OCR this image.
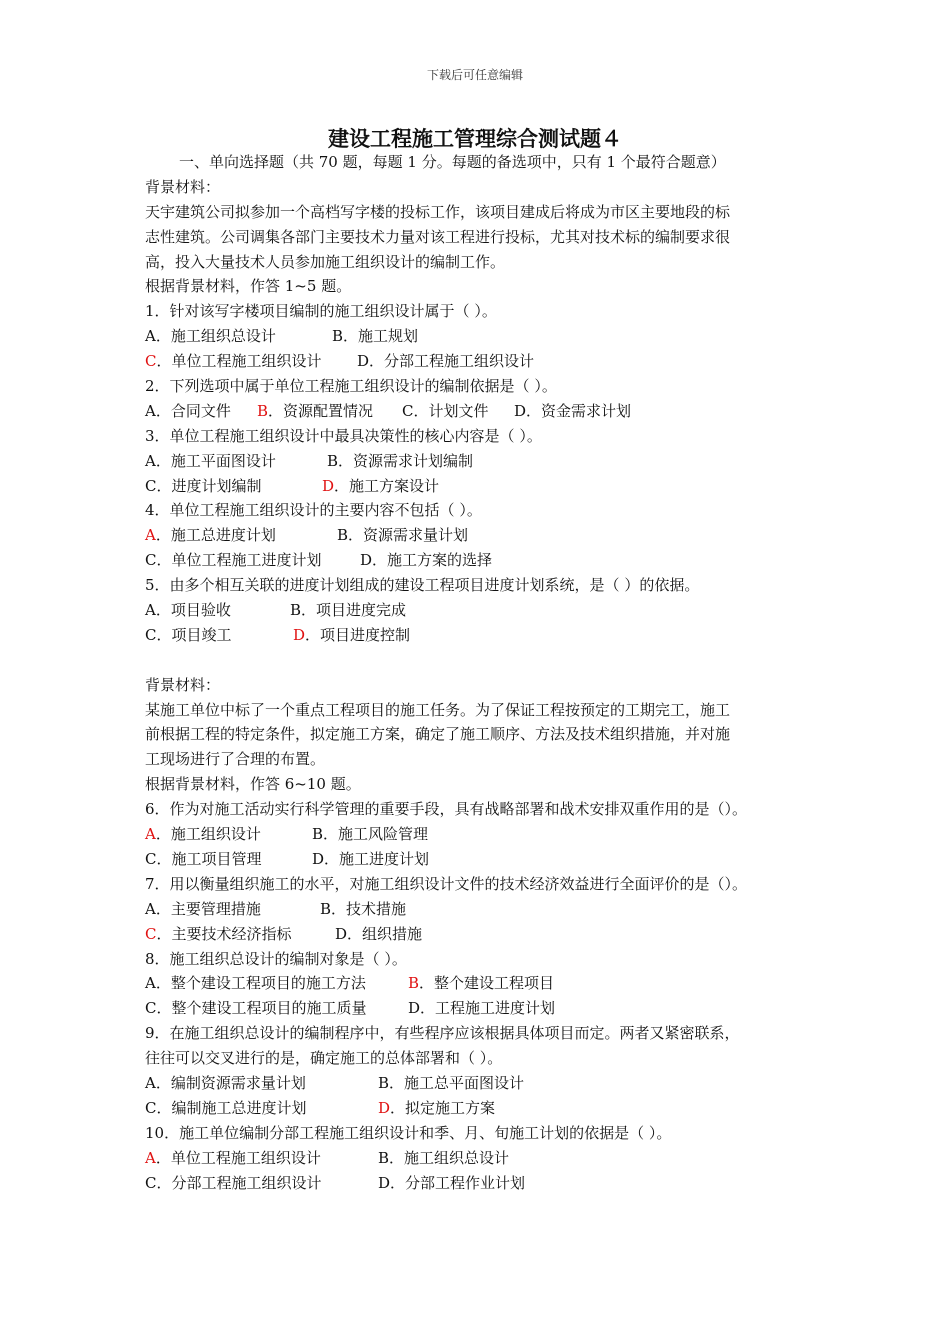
下载后可任意编辑
建设工程施工管理综合测试题４
一、单向选择题（共 70 题，每题 1 分。每题的备选项中，只有 1 个最符合题意）
背景材料：
天宇建筑公司拟参加一个高档写字楼的投标工作，该项目建成后将成为市区主要地段的标
志性建筑。公司调集各部门主要技术力量对该工程进行投标，尤其对技术标的编制要求很
高，投入大量技术人员参加施工组织设计的编制工作。
根据背景材料，作答 1~5 题。
1．针对该写字楼项目编制的施工组织设计属于（ ）。
A．施工组织总设计	B．施工规划
C．单位工程施工组织设计 D．分部工程施工组织设计
2．下列选项中属于单位工程施工组织设计的编制依据是（ ）。
A．合同文件 B．资源配置情况 C．计划文件 D．资金需求计划
3．单位工程施工组织设计中最具决策性的核心内容是（ ）。
A．施工平面图设计	B．资源需求计划编制
C．进度计划编制	D．施工方案设计
4．单位工程施工组织设计的主要内容不包括（ ）。
A．施工总进度计划	B．资源需求量计划
C．单位工程施工进度计划	D．施工方案的选择
5．由多个相互关联的进度计划组成的建设工程项目进度计划系统，是（ ）的依据。
A．项目验收	B．项目进度完成
C．项目竣工	D．项目进度控制
背景材料：
某施工单位中标了一个重点工程项目的施工任务。为了保证工程按预定的工期完工，施工
前根据工程的特定条件，拟定施工方案，确定了施工顺序、方法及技术组织措施，并对施
工现场进行了合理的布置。
根据背景材料，作答 6~10 题。
6．作为对施工活动实行科学管理的重要手段，具有战略部署和战术安排双重作用的是（）。
A．施工组织设计	B．施工风险管理
C．施工项目管理	D．施工进度计划
7．用以衡量组织施工的水平，对施工组织设计文件的技术经济效益进行全面评价的是（）。
A．主要管理措施	B．技术措施
C．主要技术经济指标	D．组织措施
8．施工组织总设计的编制对象是（ ）。
A．整个建设工程项目的施工方法	B．整个建设工程项目
C．整个建设工程项目的施工质量	D．工程施工进度计划
9．在施工组织总设计的编制程序中，有些程序应该根据具体项目而定。两者又紧密联系，
往往可以交叉进行的是，确定施工的总体部署和（ ）。
A．编制资源需求量计划	B．施工总平面图设计
C．编制施工总进度计划	D．拟定施工方案
10．施工单位编制分部工程施工组织设计和季、月、旬施工计划的依据是（ ）。
A．单位工程施工组织设计	B．施工组织总设计
C．分部工程施工组织设计	D．分部工程作业计划
